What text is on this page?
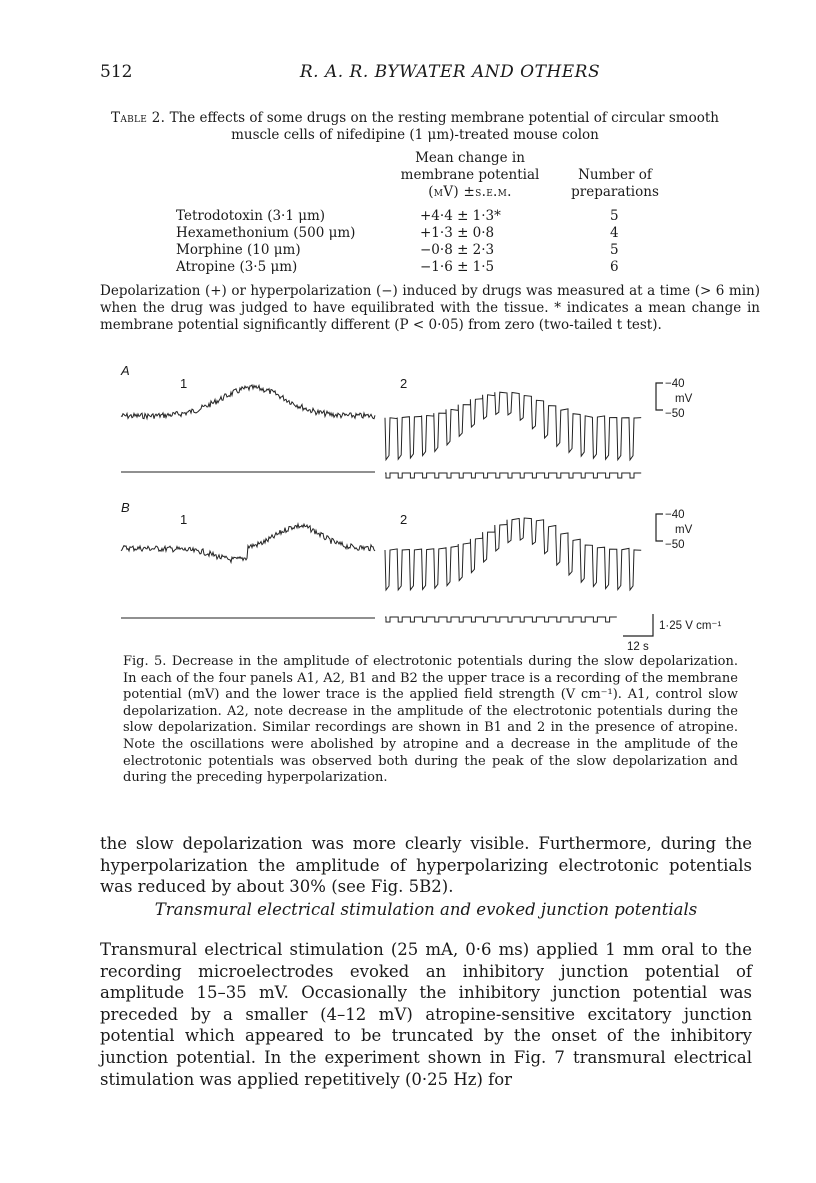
512	R. A. R. BYWATER AND OTHERS
Table 2. The effects of some drugs on the resting membrane potential of circular smooth
muscle cells of nifedipine (1 μm)-treated mouse colon
Mean change in
membrane potential
(mV) ±s.e.m.
Number of
preparations
Tetrodotoxin (3·1 μm)	+4·4 ± 1·3*	5
Hexamethonium (500 μm)	+1·3 ± 0·8	4
Morphine (10 μm)	−0·8 ± 2·3	5
Atropine (3·5 μm)	−1·6 ± 1·5	6
Depolarization (+) or hyperpolarization (−) induced by drugs was measured at a time (> 6 min) when the drug was judged to have equilibrated with the tissue. * indicates a mean change in membrane potential significantly different (P < 0·05) from zero (two-tailed t test).
A
1	2
B
1	2
−40
mV
−50
−40
mV
−50
1·25 V cm⁻¹
12 s
Fig. 5. Decrease in the amplitude of electrotonic potentials during the slow depolarization. In each of the four panels A1, A2, B1 and B2 the upper trace is a recording of the membrane potential (mV) and the lower trace is the applied field strength (V cm⁻¹). A1, control slow depolarization. A2, note decrease in the amplitude of the electrotonic potentials during the slow depolarization. Similar recordings are shown in B1 and 2 in the presence of atropine. Note the oscillations were abolished by atropine and a decrease in the amplitude of the electrotonic potentials was observed both during the peak of the slow depolarization and during the preceding hyperpolarization.
the slow depolarization was more clearly visible. Furthermore, during the hyperpolarization the amplitude of hyperpolarizing electrotonic potentials was reduced by about 30% (see Fig. 5B2).
Transmural electrical stimulation and evoked junction potentials
Transmural electrical stimulation (25 mA, 0·6 ms) applied 1 mm oral to the recording microelectrodes evoked an inhibitory junction potential of amplitude 15–35 mV. Occasionally the inhibitory junction potential was preceded by a smaller (4–12 mV) atropine-sensitive excitatory junction potential which appeared to be truncated by the onset of the inhibitory junction potential. In the experiment shown in Fig. 7 transmural electrical stimulation was applied repetitively (0·25 Hz) for
